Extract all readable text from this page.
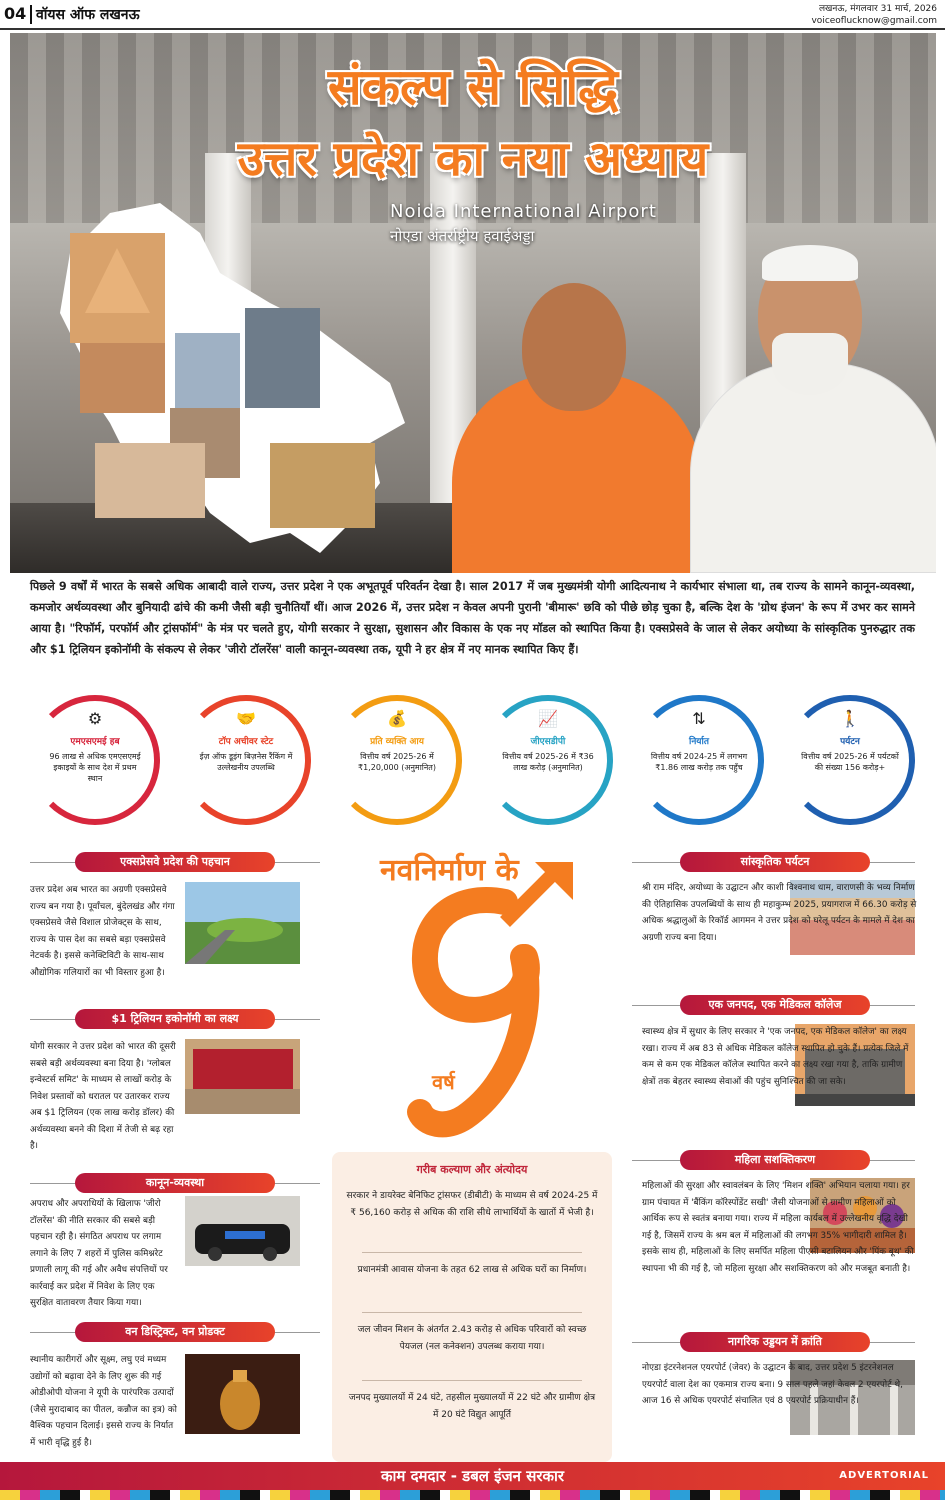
04 वॉयस ऑफ लखनऊ	लखनऊ, मंगलवार 31 मार्च, 2026
voiceoflucknow@gmail.com
संकल्प से सिद्धि
उत्तर प्रदेश का नया अध्याय
Noida International Airport
नोएडा अंतर्राष्ट्रीय हवाईअड्डा
पिछले 9 वर्षों में भारत के सबसे अधिक आबादी वाले राज्य, उत्तर प्रदेश ने एक अभूतपूर्व परिवर्तन देखा है। साल 2017 में जब मुख्यमंत्री योगी आदित्यनाथ ने कार्यभार संभाला था, तब राज्य के सामने कानून-व्यवस्था, कमजोर अर्थव्यवस्था और बुनियादी ढांचे की कमी जैसी बड़ी चुनौतियाँ थीं। आज 2026 में, उत्तर प्रदेश न केवल अपनी पुरानी 'बीमारू' छवि को पीछे छोड़ चुका है, बल्कि देश के 'ग्रोथ इंजन' के रूप में उभर कर सामने आया है। "रिफॉर्म, परफॉर्म और ट्रांसफॉर्म" के मंत्र पर चलते हुए, योगी सरकार ने सुरक्षा, सुशासन और विकास के एक नए मॉडल को स्थापित किया है। एक्सप्रेसवे के जाल से लेकर अयोध्या के सांस्कृतिक पुनरुद्धार तक और $1 ट्रिलियन इकोनॉमी के संकल्प से लेकर 'जीरो टॉलरेंस' वाली कानून-व्यवस्था तक, यूपी ने हर क्षेत्र में नए मानक स्थापित किए हैं।
⚙
एमएसएमई हब
96 लाख से अधिक एमएसएमई इकाइयों के साथ देश में प्रथम स्थान
🤝
टॉप अचीवर स्टेट
ईज़ ऑफ डूइंग बिज़नेस रैंकिंग में उल्लेखनीय उपलब्धि
💰
प्रति व्यक्ति आय
वित्तीय वर्ष 2025-26 में ₹1,20,000 (अनुमानित)
📈
जीएसडीपी
वित्तीय वर्ष 2025-26 में ₹36 लाख करोड़ (अनुमानित)
⇅
निर्यात
वित्तीय वर्ष 2024-25 में लगभग ₹1.86 लाख करोड़ तक पहुँच
🚶
पर्यटन
वित्तीय वर्ष 2025-26 में पर्यटकों की संख्या 156 करोड़+
एक्सप्रेसवे प्रदेश की पहचान
उत्तर प्रदेश अब भारत का अग्रणी एक्सप्रेसवे राज्य बन गया है। पूर्वांचल, बुंदेलखंड और गंगा एक्सप्रेसवे जैसे विशाल प्रोजेक्ट्स के साथ, राज्य के पास देश का सबसे बड़ा एक्सप्रेसवे नेटवर्क है। इससे कनेक्टिविटी के साथ-साथ औद्योगिक गलियारों का भी विस्तार हुआ है।
$1 ट्रिलियन इकोनॉमी का लक्ष्य
योगी सरकार ने उत्तर प्रदेश को भारत की दूसरी सबसे बड़ी अर्थव्यवस्था बना दिया है। 'ग्लोबल इन्वेस्टर्स समिट' के माध्यम से लाखों करोड़ के निवेश प्रस्तावों को धरातल पर उतारकर राज्य अब $1 ट्रिलियन (एक लाख करोड़ डॉलर) की अर्थव्यवस्था बनने की दिशा में तेजी से बढ़ रहा है।
कानून-व्यवस्था
अपराध और अपराधियों के खिलाफ 'जीरो टॉलरेंस' की नीति सरकार की सबसे बड़ी पहचान रही है। संगठित अपराध पर लगाम लगाने के लिए 7 शहरों में पुलिस कमिश्नरेट प्रणाली लागू की गई और अवैध संपत्तियों पर कार्रवाई कर प्रदेश में निवेश के लिए एक सुरक्षित वातावरण तैयार किया गया।
वन डिस्ट्रिक्ट, वन प्रोडक्ट
स्थानीय कारीगरों और सूक्ष्म, लघु एवं मध्यम उद्योगों को बढ़ावा देने के लिए शुरू की गई ओडीओपी योजना ने यूपी के पारंपरिक उत्पादों (जैसे मुरादाबाद का पीतल, कन्नौज का इत्र) को वैश्विक पहचान दिलाई। इससे राज्य के निर्यात में भारी वृद्धि हुई है।
नवनिर्माण के
वर्ष
गरीब कल्याण और अंत्योदय
सरकार ने डायरेक्ट बेनिफिट ट्रांसफर (डीबीटी) के माध्यम से वर्ष 2024-25 में ₹ 56,160 करोड़ से अधिक की राशि सीधे लाभार्थियों के खातों में भेजी है।
प्रधानमंत्री आवास योजना के तहत 62 लाख से अधिक घरों का निर्माण।
जल जीवन मिशन के अंतर्गत 2.43 करोड़ से अधिक परिवारों को स्वच्छ पेयजल (नल कनेक्शन) उपलब्ध कराया गया।
जनपद मुख्यालयों में 24 घंटे, तहसील मुख्यालयों में 22 घंटे और ग्रामीण क्षेत्र में 20 घंटे विद्युत आपूर्ति
सांस्कृतिक पर्यटन
श्री राम मंदिर, अयोध्या के उद्घाटन और काशी विश्वनाथ धाम, वाराणसी के भव्य निर्माण की ऐतिहासिक उपलब्धियों के साथ ही महाकुम्भ 2025, प्रयागराज में 66.30 करोड़ से अधिक श्रद्धालुओं के रिकॉर्ड आगमन ने उत्तर प्रदेश को घरेलू पर्यटन के मामले में देश का अग्रणी राज्य बना दिया।
एक जनपद, एक मेडिकल कॉलेज
स्वास्थ्य क्षेत्र में सुधार के लिए सरकार ने 'एक जनपद, एक मेडिकल कॉलेज' का लक्ष्य रखा। राज्य में अब 83 से अधिक मेडिकल कॉलेज स्थापित हो चुके हैं। प्रत्येक जिले में कम से कम एक मेडिकल कॉलेज स्थापित करने का लक्ष्य रखा गया है, ताकि ग्रामीण क्षेत्रों तक बेहतर स्वास्थ्य सेवाओं की पहुंच सुनिश्चित की जा सके।
महिला सशक्तिकरण
महिलाओं की सुरक्षा और स्वावलंबन के लिए 'मिशन शक्ति' अभियान चलाया गया। हर ग्राम पंचायत में 'बैंकिंग कॉरेस्पोंडेंट सखी' जैसी योजनाओं से ग्रामीण महिलाओं को आर्थिक रूप से स्वतंत्र बनाया गया। राज्य में महिला कार्यबल में उल्लेखनीय वृद्धि देखी गई है, जिसमें राज्य के श्रम बल में महिलाओं की लगभग 35% भागीदारी शामिल है। इसके साथ ही, महिलाओं के लिए समर्पित महिला पीएसी बटालियन और 'पिंक बूथ' की स्थापना भी की गई है, जो महिला सुरक्षा और सशक्तिकरण को और मजबूत बनाती है।
नागरिक उड्डयन में क्रांति
नोएडा इंटरनेशनल एयरपोर्ट (जेवर) के उद्घाटन के बाद, उत्तर प्रदेश 5 इंटरनेशनल एयरपोर्ट वाला देश का एकमात्र राज्य बना। 9 साल पहले जहां केवल 2 एयरपोर्ट थे, आज 16 से अधिक एयरपोर्ट संचालित एवं 8 एयरपोर्ट प्रक्रियाधीन हैं।
काम दमदार - डबल इंजन सरकार	ADVERTORIAL
